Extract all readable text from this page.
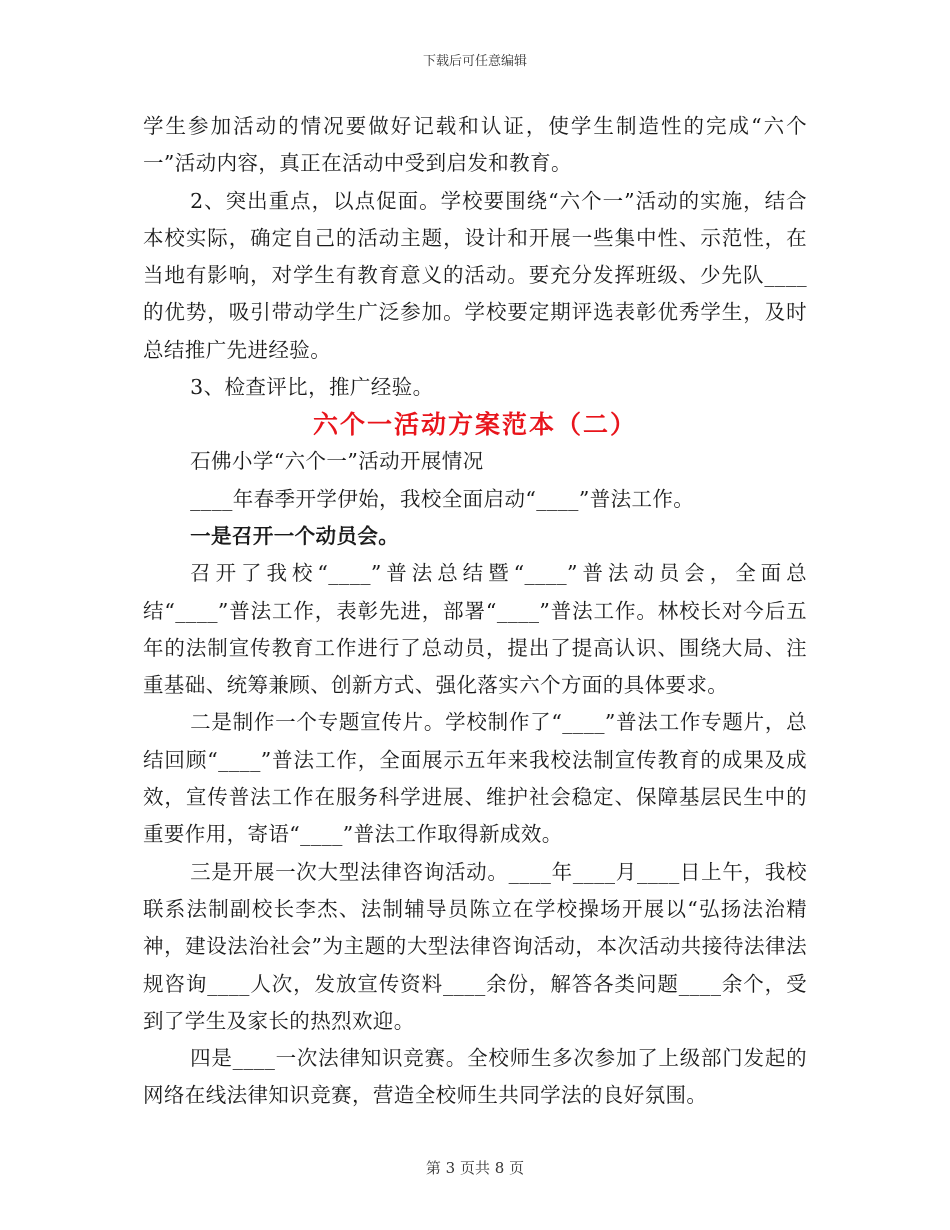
下载后可任意编辑

学生参加活动的情况要做好记载和认证，使学生制造性的完成“六个一”活动内容，真正在活动中受到启发和教育。

2、突出重点，以点促面。学校要围绕“六个一”活动的实施，结合本校实际，确定自己的活动主题，设计和开展一些集中性、示范性，在当地有影响，对学生有教育意义的活动。要充分发挥班级、少先队____的优势，吸引带动学生广泛参加。学校要定期评选表彰优秀学生，及时总结推广先进经验。

3、检查评比，推广经验。

六个一活动方案范本（二）

石佛小学“六个一”活动开展情况

____年春季开学伊始，我校全面启动“____”普法工作。

一是召开一个动员会。

召开了我校“____”普法总结暨“____”普法动员会，全面总结“____”普法工作，表彰先进，部署“____”普法工作。林校长对今后五年的法制宣传教育工作进行了总动员，提出了提高认识、围绕大局、注重基础、统筹兼顾、创新方式、强化落实六个方面的具体要求。

二是制作一个专题宣传片。学校制作了“____”普法工作专题片，总结回顾“____”普法工作，全面展示五年来我校法制宣传教育的成果及成效，宣传普法工作在服务科学进展、维护社会稳定、保障基层民生中的重要作用，寄语“____”普法工作取得新成效。

三是开展一次大型法律咨询活动。____年____月____日上午，我校联系法制副校长李杰、法制辅导员陈立在学校操场开展以“弘扬法治精神，建设法治社会”为主题的大型法律咨询活动，本次活动共接待法律法规咨询____人次，发放宣传资料____余份，解答各类问题____余个，受到了学生及家长的热烈欢迎。

四是____一次法律知识竞赛。全校师生多次参加了上级部门发起的网络在线法律知识竞赛，营造全校师生共同学法的良好氛围。

第 3 页共 8 页
